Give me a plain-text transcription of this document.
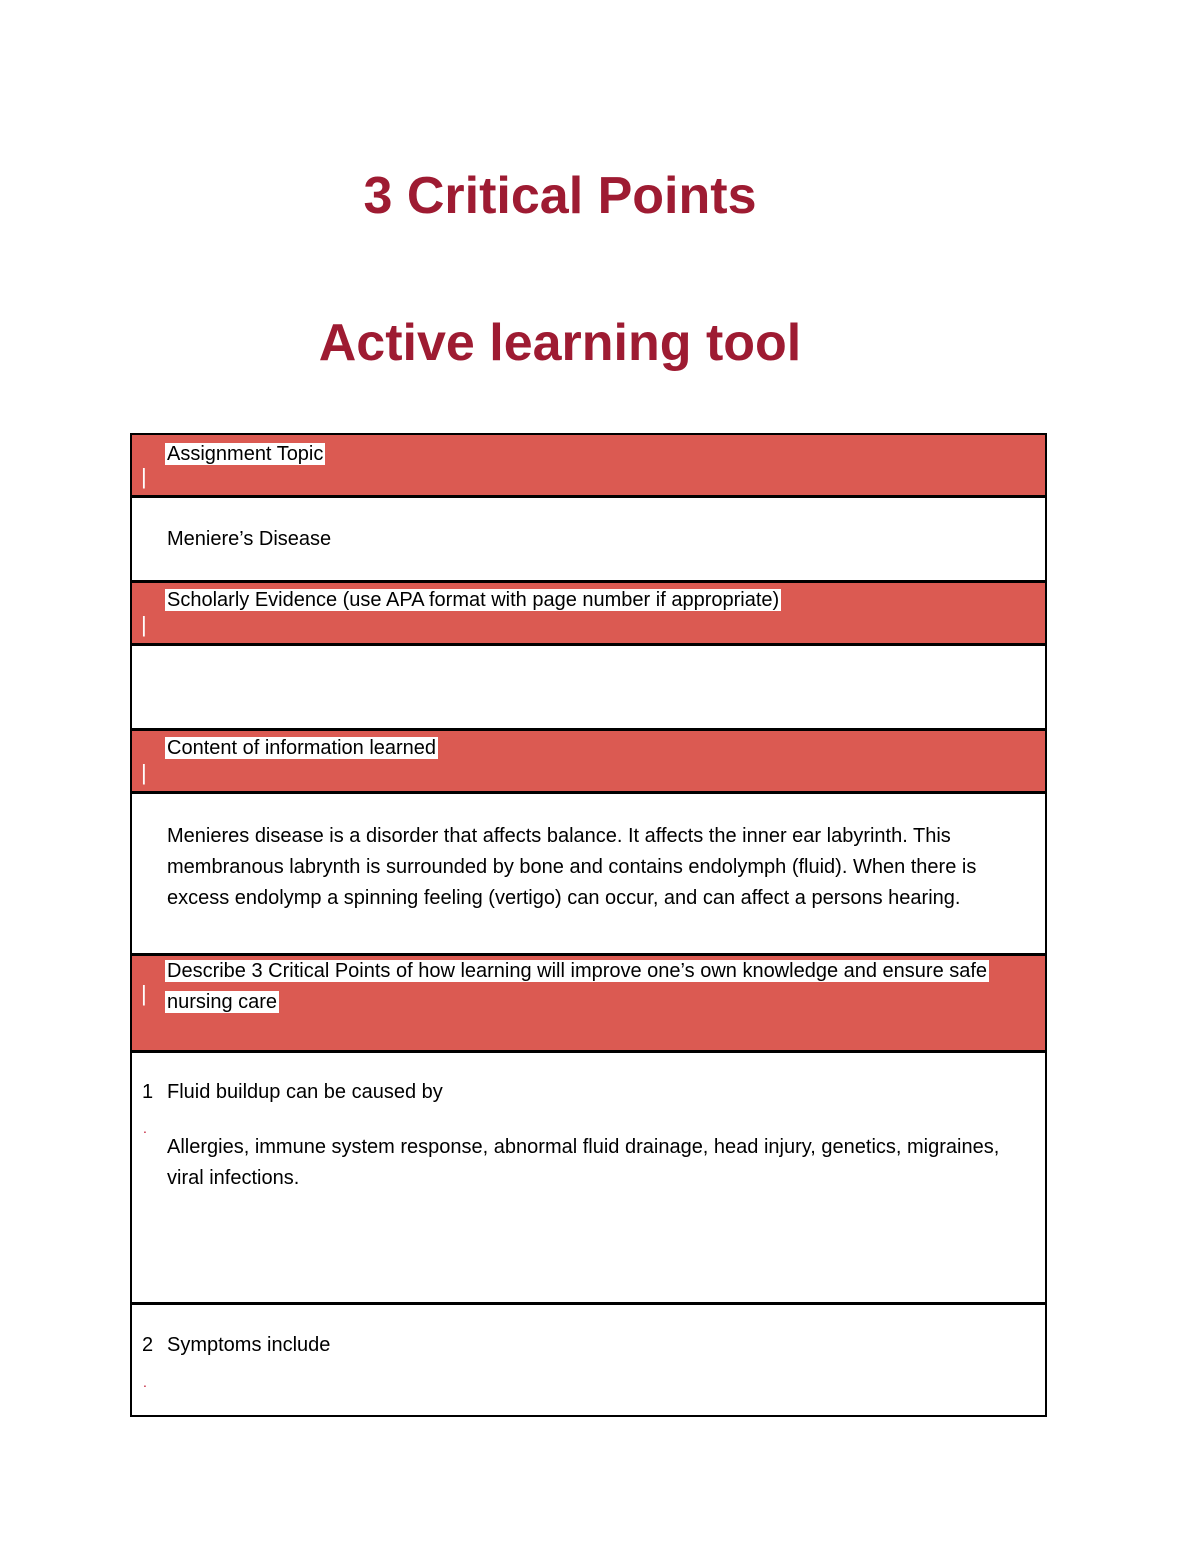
3 Critical Points
Active learning tool
|
Assignment Topic
Meniere’s Disease
|
Scholarly Evidence (use APA format with page number if appropriate)
|
Content of information learned
Menieres disease is a disorder that affects balance. It affects the inner ear labyrinth. This membranous labrynth is surrounded by bone and contains endolymph (fluid). When there is excess endolymp a spinning feeling (vertigo) can occur, and can affect a persons hearing.
|
Describe 3 Critical Points of how learning will improve one’s own knowledge and ensure safe nursing care
1
.
Fluid buildup can be caused by
Allergies, immune system response, abnormal fluid drainage, head injury, genetics, migraines, viral infections.
2
.
Symptoms include
